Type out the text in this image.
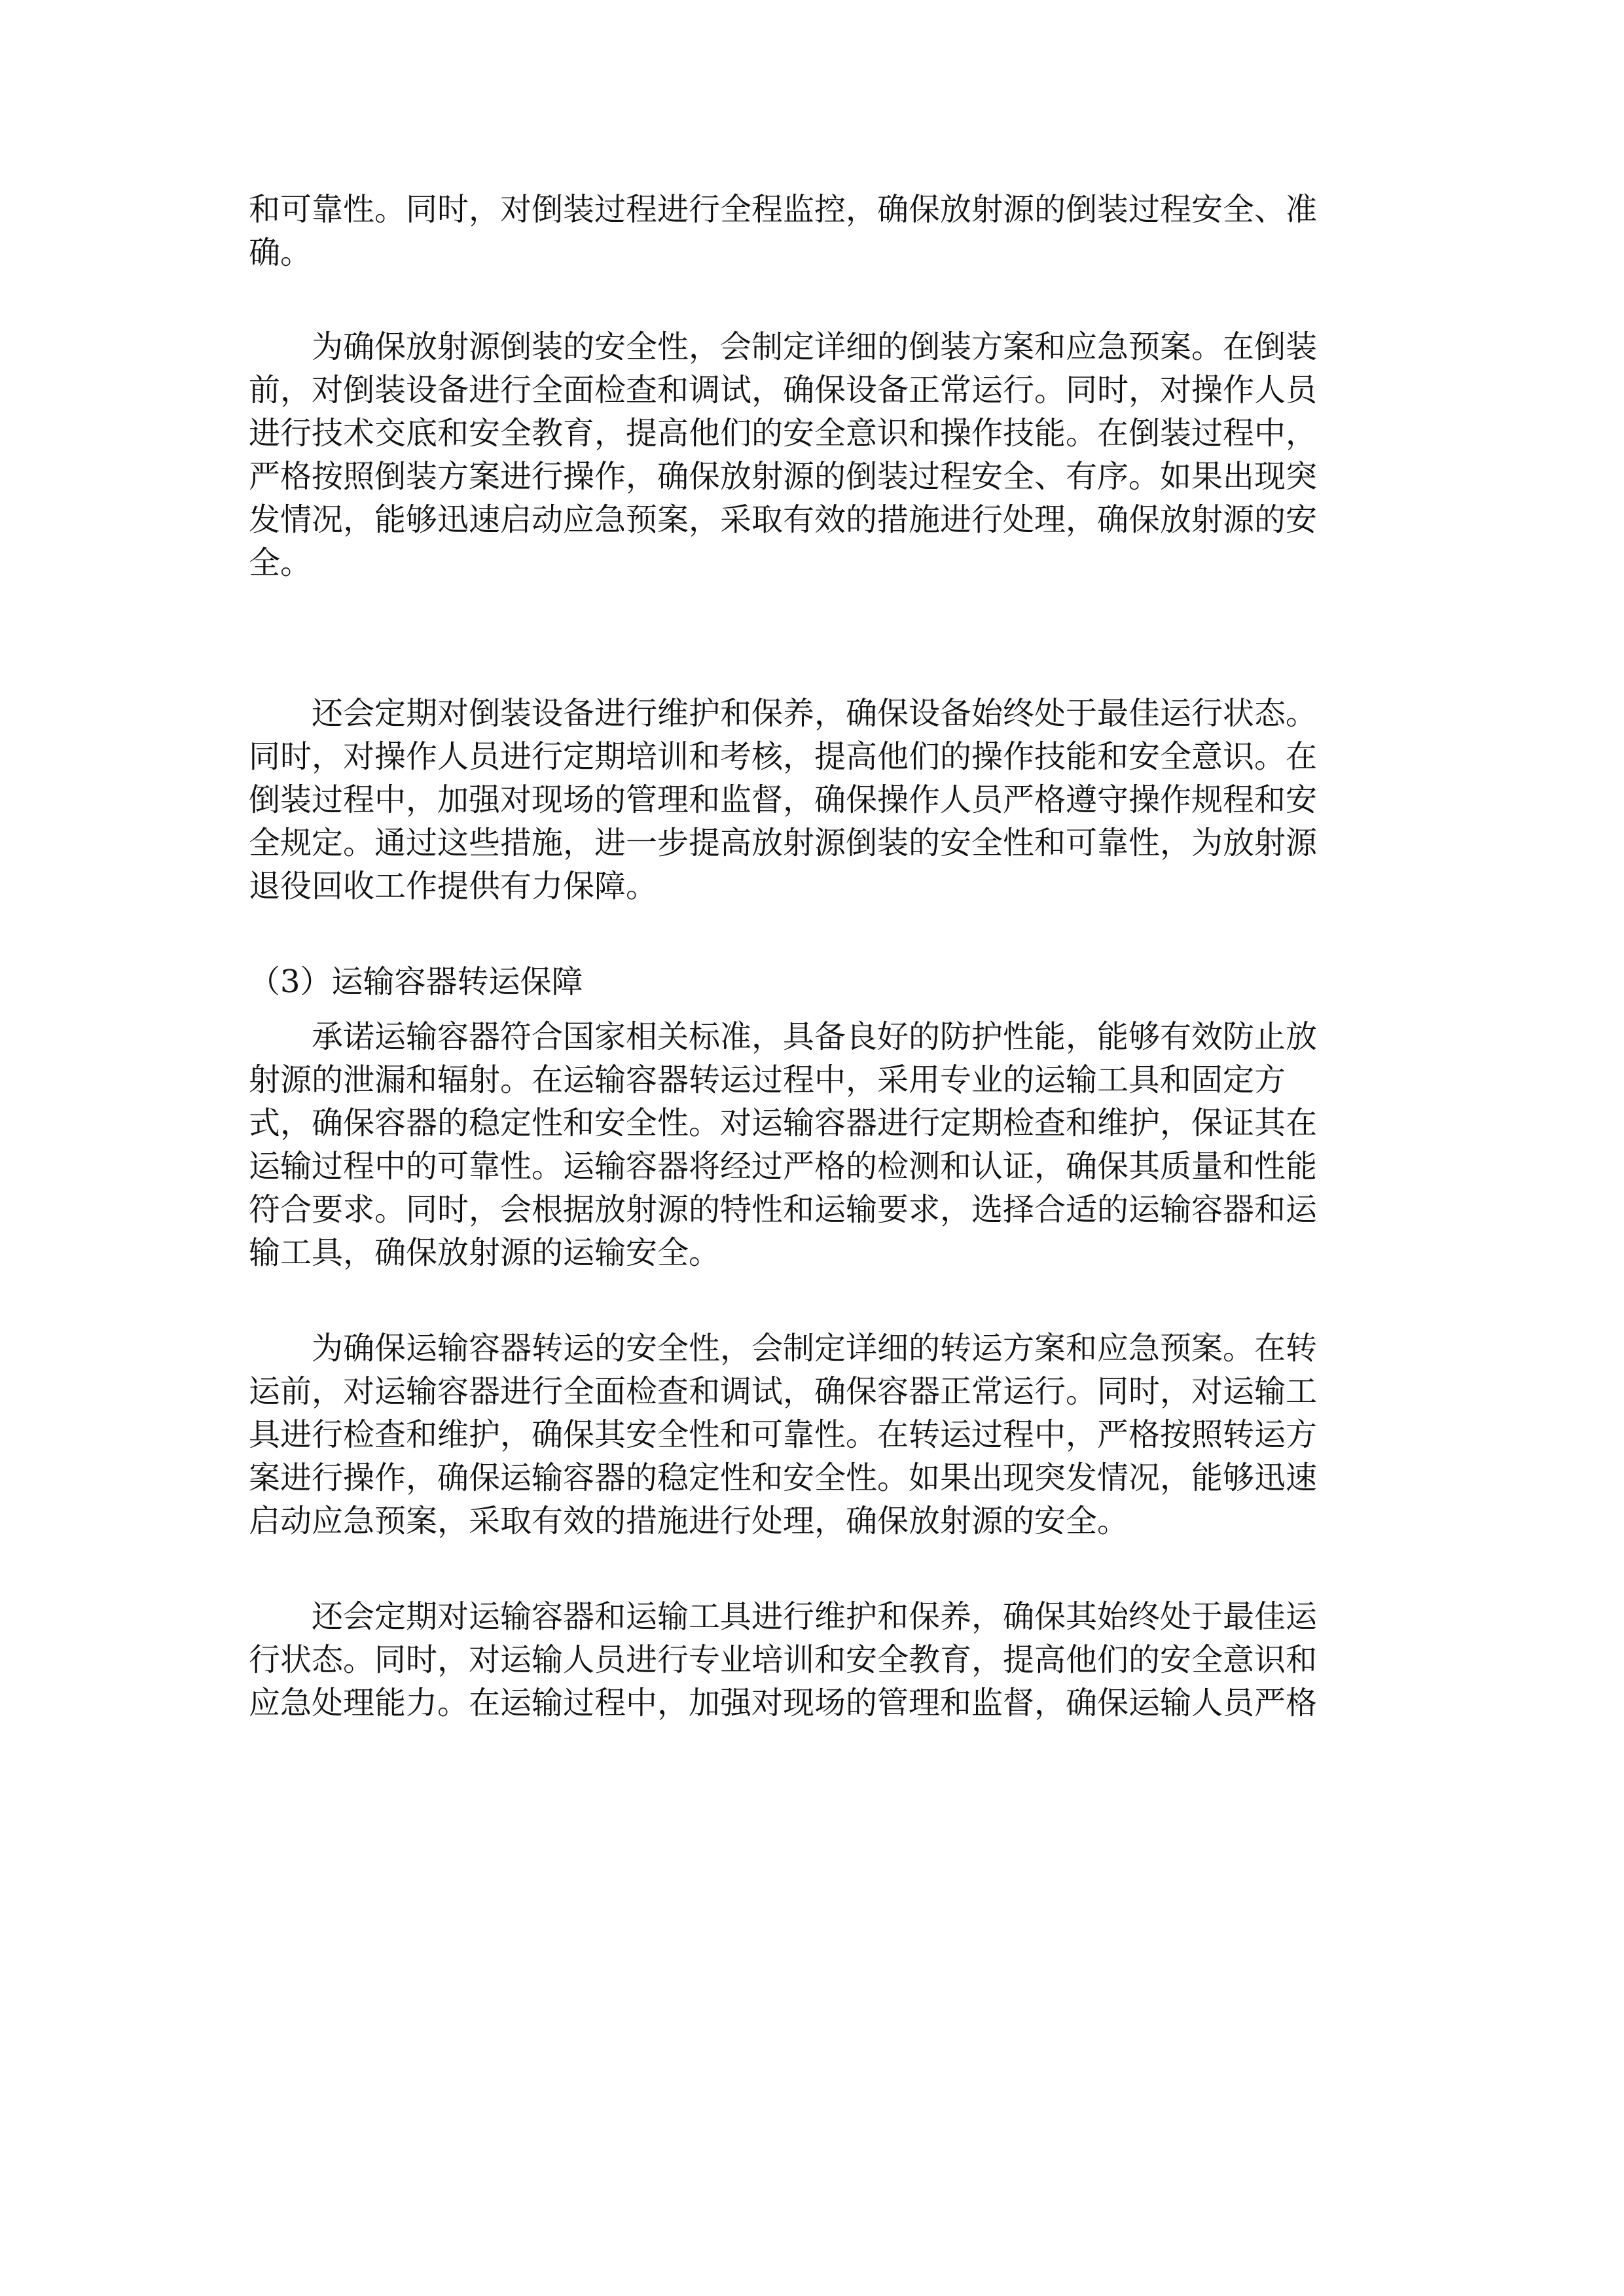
和可靠性。同时，对倒装过程进行全程监控，确保放射源的倒装过程安全、准
确。
为确保放射源倒装的安全性，会制定详细的倒装方案和应急预案。在倒装
前，对倒装设备进行全面检查和调试，确保设备正常运行。同时，对操作人员
进行技术交底和安全教育，提高他们的安全意识和操作技能。在倒装过程中，
严格按照倒装方案进行操作，确保放射源的倒装过程安全、有序。如果出现突
发情况，能够迅速启动应急预案，采取有效的措施进行处理，确保放射源的安
全。
还会定期对倒装设备进行维护和保养，确保设备始终处于最佳运行状态。
同时，对操作人员进行定期培训和考核，提高他们的操作技能和安全意识。在
倒装过程中，加强对现场的管理和监督，确保操作人员严格遵守操作规程和安
全规定。通过这些措施，进一步提高放射源倒装的安全性和可靠性，为放射源
退役回收工作提供有力保障。
（3）运输容器转运保障
承诺运输容器符合国家相关标准，具备良好的防护性能，能够有效防止放
射源的泄漏和辐射。在运输容器转运过程中，采用专业的运输工具和固定方
式，确保容器的稳定性和安全性。对运输容器进行定期检查和维护，保证其在
运输过程中的可靠性。运输容器将经过严格的检测和认证，确保其质量和性能
符合要求。同时，会根据放射源的特性和运输要求，选择合适的运输容器和运
输工具，确保放射源的运输安全。
为确保运输容器转运的安全性，会制定详细的转运方案和应急预案。在转
运前，对运输容器进行全面检查和调试，确保容器正常运行。同时，对运输工
具进行检查和维护，确保其安全性和可靠性。在转运过程中，严格按照转运方
案进行操作，确保运输容器的稳定性和安全性。如果出现突发情况，能够迅速
启动应急预案，采取有效的措施进行处理，确保放射源的安全。
还会定期对运输容器和运输工具进行维护和保养，确保其始终处于最佳运
行状态。同时，对运输人员进行专业培训和安全教育，提高他们的安全意识和
应急处理能力。在运输过程中，加强对现场的管理和监督，确保运输人员严格
